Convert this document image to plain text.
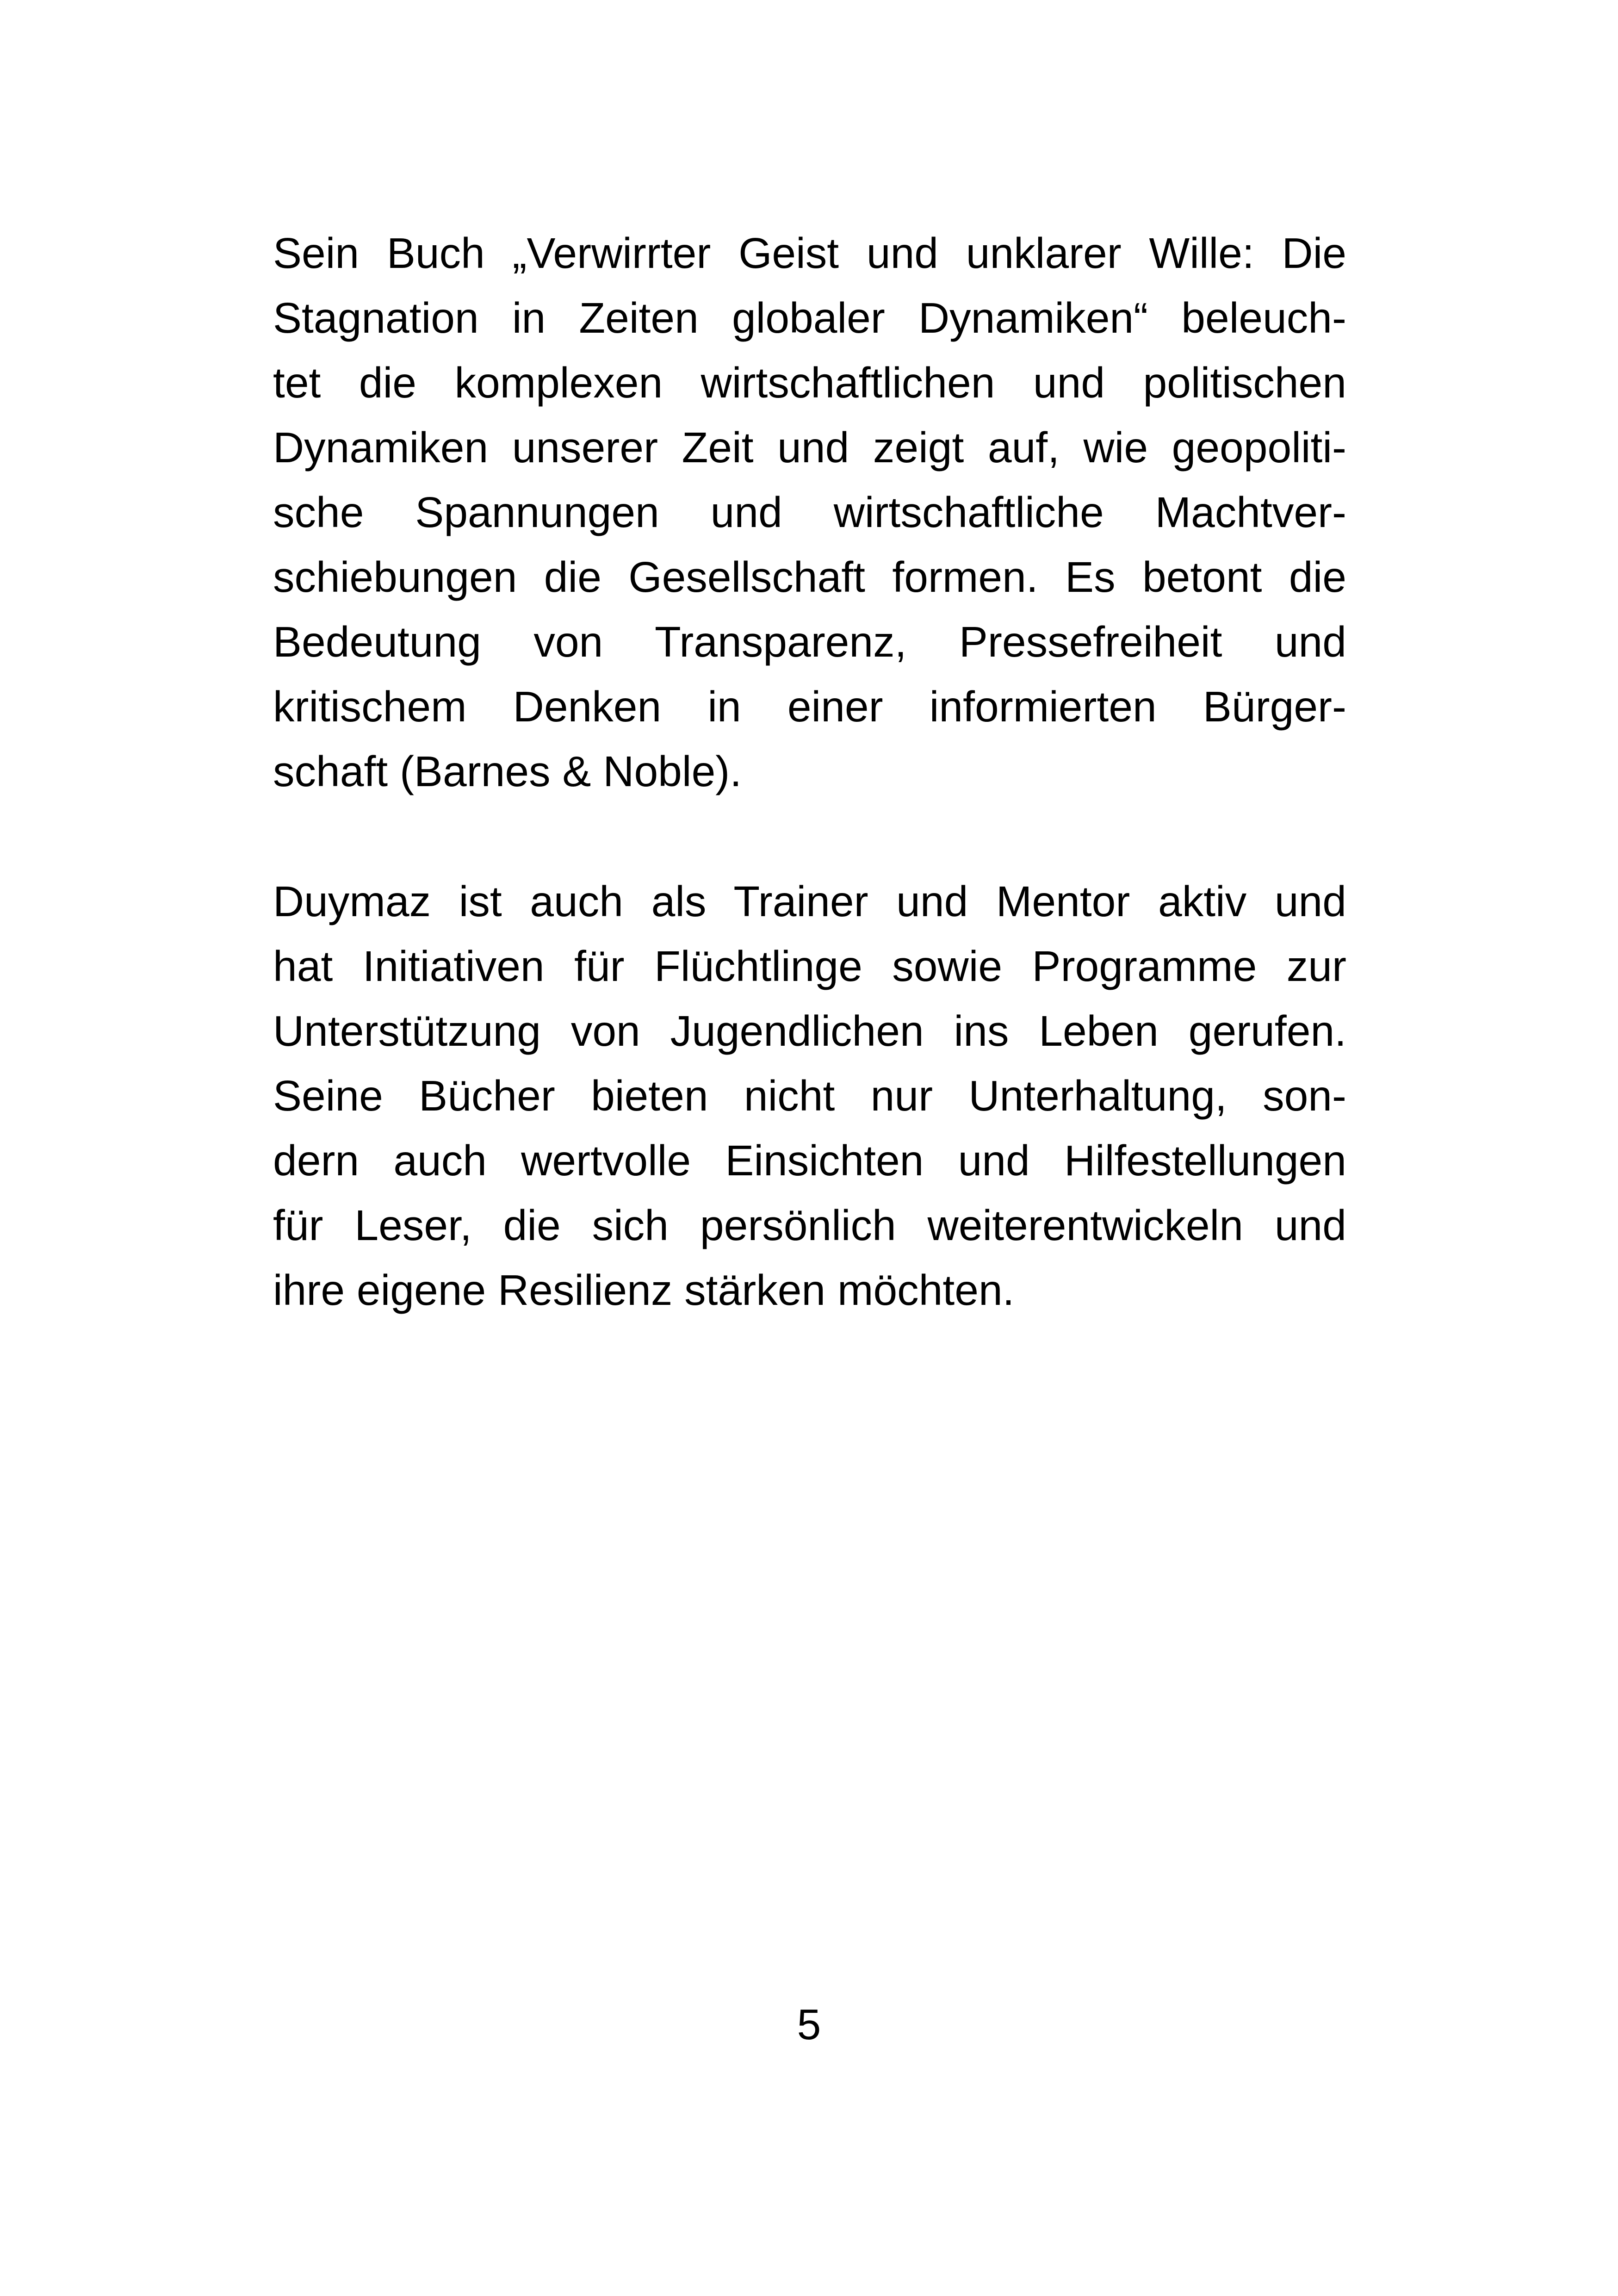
Sein Buch „Verwirrter Geist und unklarer Wille: Die
Stagnation in Zeiten globaler Dynamiken“ beleuch-
tet die komplexen wirtschaftlichen und politischen
Dynamiken unserer Zeit und zeigt auf, wie geopoliti-
sche Spannungen und wirtschaftliche Machtver-
schiebungen die Gesellschaft formen. Es betont die
Bedeutung von Transparenz, Pressefreiheit und
kritischem Denken in einer informierten Bürger-
schaft (Barnes & Noble).
Duymaz ist auch als Trainer und Mentor aktiv und
hat Initiativen für Flüchtlinge sowie Programme zur
Unterstützung von Jugendlichen ins Leben gerufen.
Seine Bücher bieten nicht nur Unterhaltung, son-
dern auch wertvolle Einsichten und Hilfestellungen
für Leser, die sich persönlich weiterentwickeln und
ihre eigene Resilienz stärken möchten.
5
